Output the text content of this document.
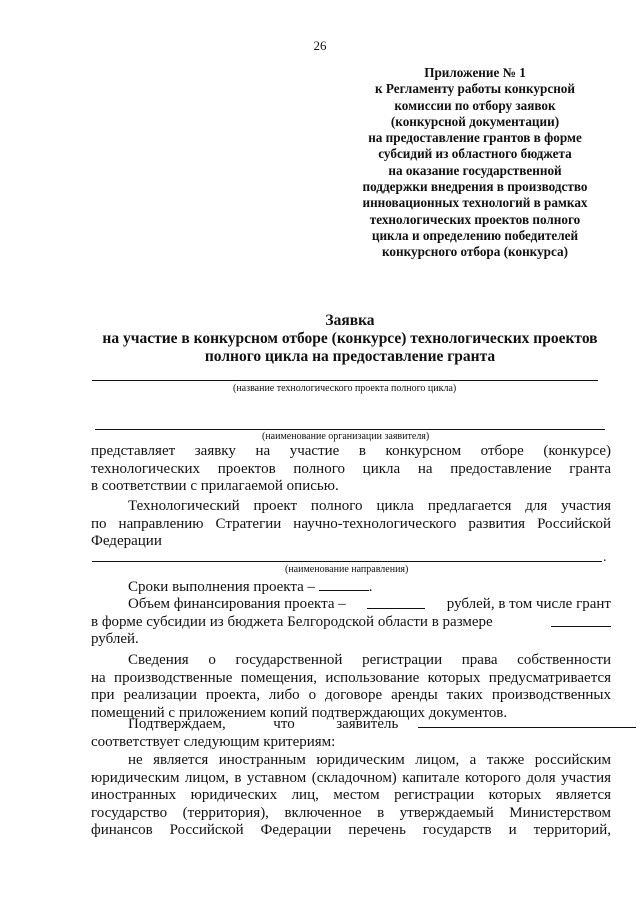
26
Приложение № 1
к Регламенту работы конкурсной
комиссии по отбору заявок
(конкурсной документации)
на предоставление грантов в форме
субсидий из областного бюджета
на оказание государственной
поддержки внедрения в производство
инновационных технологий в рамках
технологических проектов полного
цикла и определению победителей
конкурсного отбора (конкурса)
Заявка
на участие в конкурсном отборе (конкурсе) технологических проектов
полного цикла на предоставление гранта
(название технологического проекта полного цикла)
(наименование организации заявителя)
представляет заявку на участие в конкурсном отборе (конкурсе)
технологических проектов полного цикла на предоставление гранта
в соответствии с прилагаемой описью.
Технологический проект полного цикла предлагается для участия
по направлению Стратегии научно-технологического развития Российской
Федерации
.
(наименование направления)
Сроки выполнения проекта –	.
Объем финансирования проекта –	рублей, в том числе грант
в форме субсидии из бюджета Белгородской области в размере
рублей.
Сведения о государственной регистрации права собственности
на производственные помещения, использование которых предусматривается
при реализации проекта, либо о договоре аренды таких производственных
помещений с приложением копий подтверждающих документов.
Подтверждаем,	что	заявитель
соответствует следующим критериям:
не является иностранным юридическим лицом, а также российским
юридическим лицом, в уставном (складочном) капитале которого доля участия
иностранных юридических лиц, местом регистрации которых является
государство (территория), включенное в утверждаемый Министерством
финансов Российской Федерации перечень государств и территорий,
